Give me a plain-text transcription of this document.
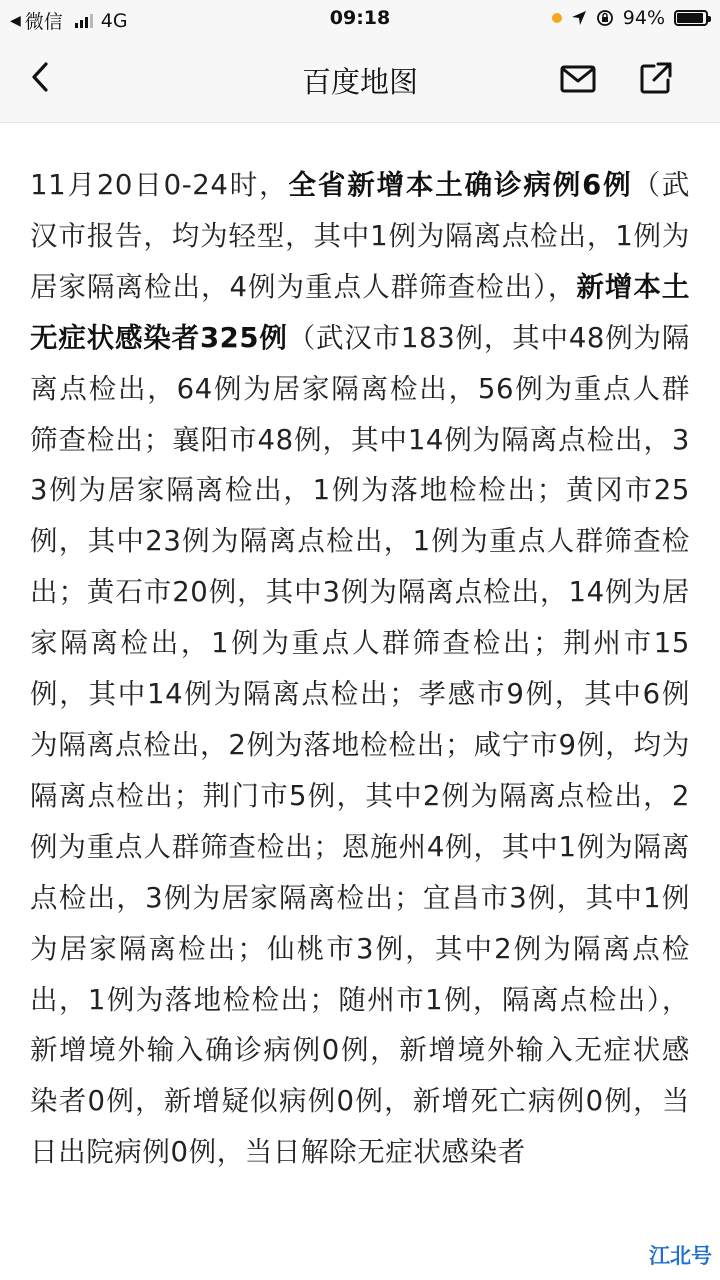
◀ 微信 4G	09:18	94%
百度地图
11月20日0-24时，全省新增本土确诊病例6例（武汉市报告，均为轻型，其中1例为隔离点检出，1例为居家隔离检出，4例为重点人群筛查检出），新增本土无症状感染者325例（武汉市183例，其中48例为隔离点检出，64例为居家隔离检出，56例为重点人群筛查检出；襄阳市48例，其中14例为隔离点检出，33例为居家隔离检出，1例为落地检检出；黄冈市25例，其中23例为隔离点检出，1例为重点人群筛查检出；黄石市20例，其中3例为隔离点检出，14例为居家隔离检出，1例为重点人群筛查检出；荆州市15例，其中14例为隔离点检出；孝感市9例，其中6例为隔离点检出，2例为落地检检出；咸宁市9例，均为隔离点检出；荆门市5例，其中2例为隔离点检出，2例为重点人群筛查检出；恩施州4例，其中1例为隔离点检出，3例为居家隔离检出；宜昌市3例，其中1例为居家隔离检出；仙桃市3例，其中2例为隔离点检出，1例为落地检检出；随州市1例，隔离点检出），新增境外输入确诊病例0例，新增境外输入无症状感染者0例，新增疑似病例0例，新增死亡病例0例，当日出院病例0例，当日解除无症状感染者
江北号
